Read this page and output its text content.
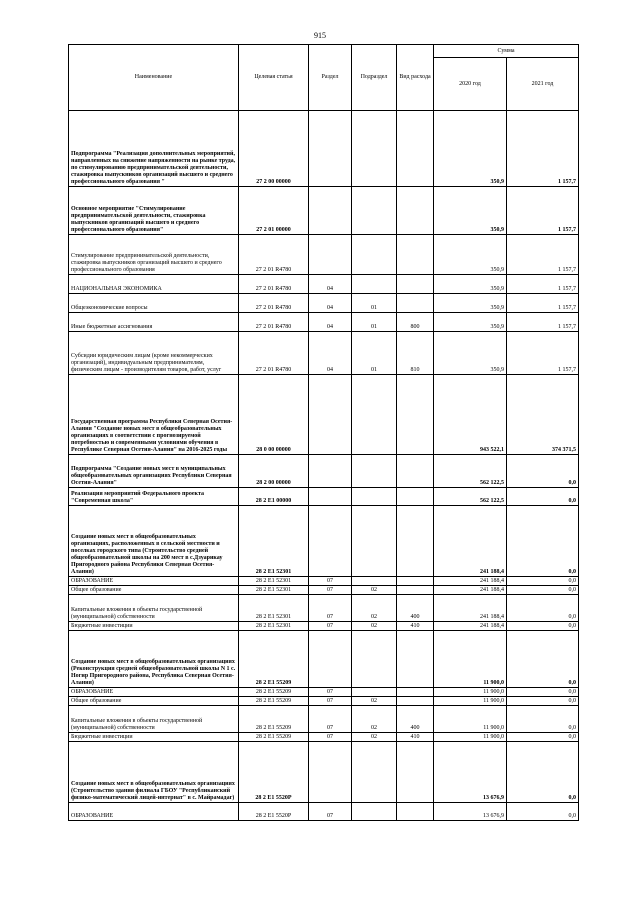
915
Наименование	Целевая статья	Раздел	Подраздел	Вид расхода	Сумма	
					2020 год	2021 год
Подпрограмма "Реализация дополнительных мероприятий, направленных на снижение напряженности на рынке труда, по стимулированию предпринимательской деятельности, стажировка выпускников организаций высшего и среднего профессионального образования "	27 2 00 00000				350,9	1 157,7
Основное мероприятие "Стимулирование предпринимательской деятельности, стажировка выпускников организаций высшего и среднего профессионального образования"	27 2 01 00000				350,9	1 157,7
Стимулирование предпринимательской деятельности, стажировка выпускников организаций высшего и среднего профессионального образования	27 2 01 R4780				350,9	1 157,7
НАЦИОНАЛЬНАЯ ЭКОНОМИКА	27 2 01 R4780	04			350,9	1 157,7
Общеэкономические вопросы	27 2 01 R4780	04	01		350,9	1 157,7
Иные бюджетные ассигнования	27 2 01 R4780	04	01	800	350,9	1 157,7
Субсидии юридическим лицам (кроме некоммерческих организаций), индивидуальным предпринимателям, физическим лицам - производителям товаров, работ, услуг	27 2 01 R4780	04	01	810	350,9	1 157,7
Государственная программа Республики Северная Осетия-Алания "Создание новых мест в общеобразовательных организациях в соответствии с прогнозируемой потребностью и современными условиями обучения в Республике Северная Осетия-Алания" на 2016-2025 годы	28 0 00 00000				943 522,1	374 371,5
Подпрограмма "Создание новых мест в муниципальных общеобразовательных организациях Республики Северная Осетия-Алания"	28 2 00 00000				562 122,5	0,0
Реализация мероприятий Федерального проекта "Современная школа"	28 2 E1 00000				562 122,5	0,0
Создание новых мест в общеобразовательных организациях, расположенных в сельской местности и поселках городского типа (Строительство средней общеобразовательной школы на 200 мест в с.Дзуарикау Пригородного района Республики Северная Осетия-Алания)	28 2 E1 52301				241 188,4	0,0
ОБРАЗОВАНИЕ	28 2 E1 52301	07			241 188,4	0,0
Общее образование	28 2 E1 52301	07	02		241 188,4	0,0
Капитальные вложения в объекты государственной (муниципальной) собственности	28 2 E1 52301	07	02	400	241 188,4	0,0
Бюджетные инвестиции	28 2 E1 52301	07	02	410	241 188,4	0,0
Создание новых мест в общеобразовательных организациях (Реконструкция средней общеобразовательной школы N 1 с. Ногир Пригородного района, Республика Северная Осетия-Алания)	28 2 E1 55209				11 900,0	0,0
ОБРАЗОВАНИЕ	28 2 E1 55209	07			11 900,0	0,0
Общее образование	28 2 E1 55209	07	02		11 900,0	0,0
Капитальные вложения в объекты государственной (муниципальной) собственности	28 2 E1 55209	07	02	400	11 900,0	0,0
Бюджетные инвестиции	28 2 E1 55209	07	02	410	11 900,0	0,0
Создание новых мест в общеобразовательных организациях (Строительство здания филиала ГБОУ "Республиканский физико-математический лицей-интернат" в с. Майрамадаг)	28 2 E1 5520P				13 676,9	0,0
ОБРАЗОВАНИЕ	28 2 E1 5520P	07			13 676,9	0,0
